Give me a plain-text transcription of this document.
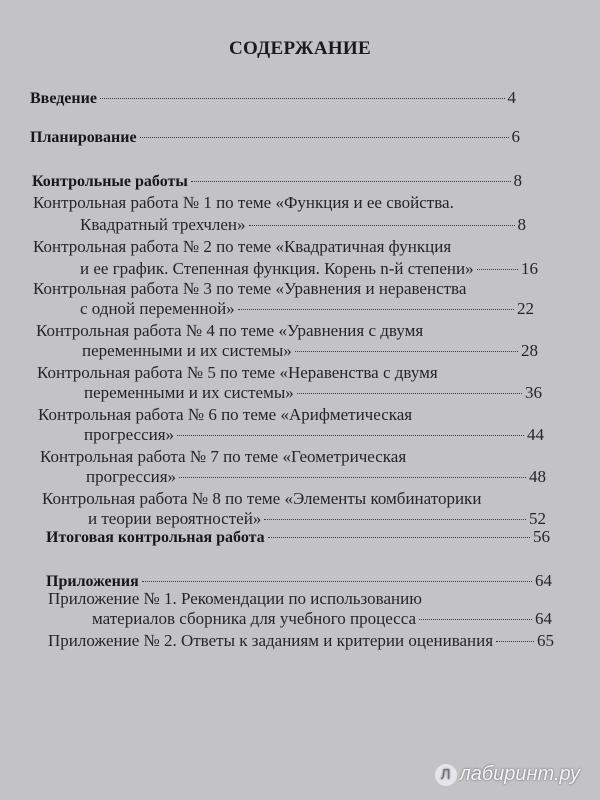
СОДЕРЖАНИЕ
Введение	4
Планирование	6
Контрольные работы	8
Контрольная работа № 1 по теме «Функция и ее свойства.
Квадратный трехчлен»	8
Контрольная работа № 2 по теме «Квадратичная функция
и ее график. Степенная функция. Корень n-й степени»	16
Контрольная работа № 3 по теме «Уравнения и неравенства
с одной переменной»	22
Контрольная работа № 4 по теме «Уравнения с двумя
переменными и их системы»	28
Контрольная работа № 5 по теме «Неравенства с двумя
переменными и их системы»	36
Контрольная работа № 6 по теме «Арифметическая
прогрессия»	44
Контрольная работа № 7 по теме «Геометрическая
прогрессия»	48
Контрольная работа № 8 по теме «Элементы комбинаторики
и теории вероятностей»	52
Итоговая контрольная работа	56
Приложения	64
Приложение № 1. Рекомендации по использованию
материалов сборника для учебного процесса	64
Приложение № 2. Ответы к заданиям и критерии оценивания	65
Л лабиринт.ру
